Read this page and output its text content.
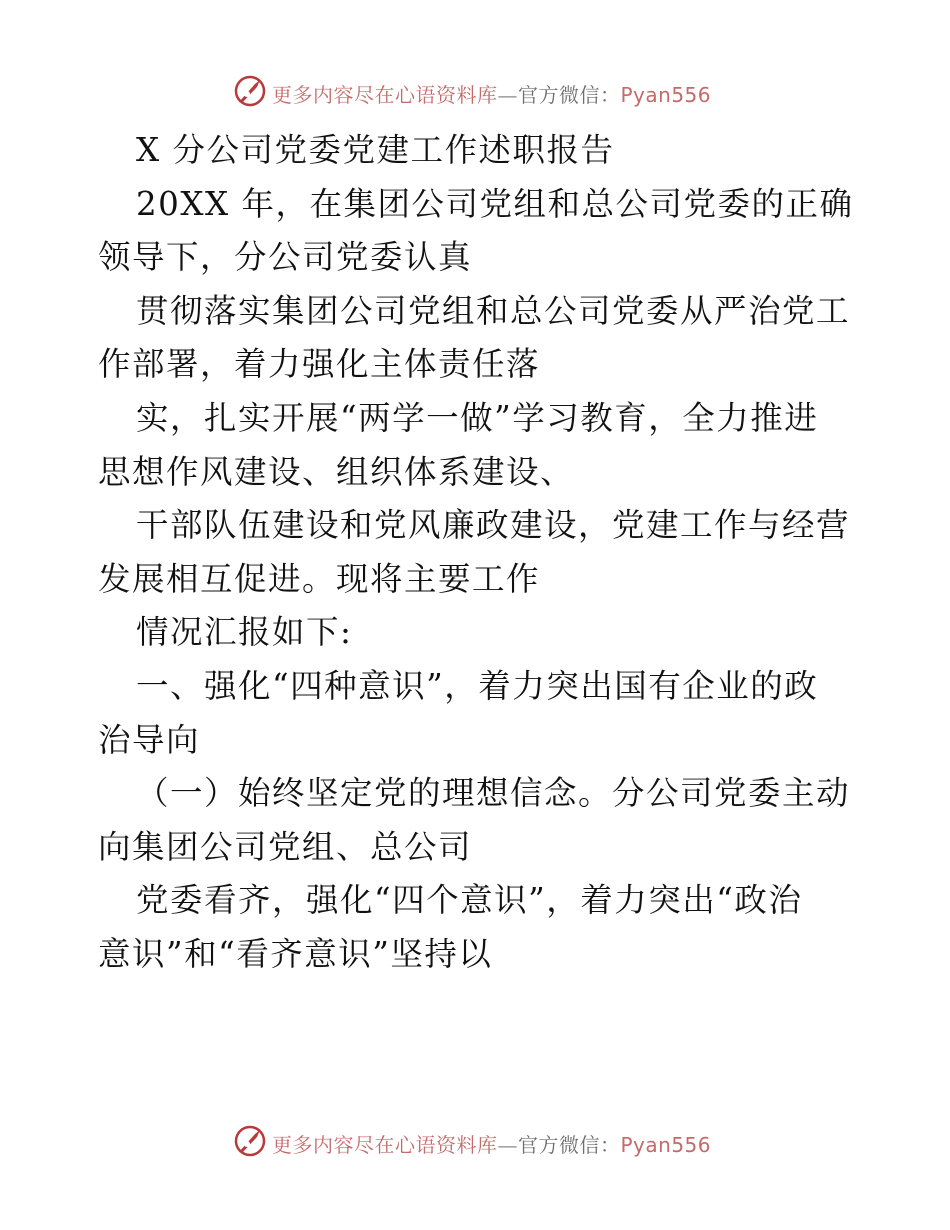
更多内容尽在心语资料库—官方微信：Pyan556
X 分公司党委党建工作述职报告
20XX 年，在集团公司党组和总公司党委的正确
领导下，分公司党委认真
贯彻落实集团公司党组和总公司党委从严治党工
作部署，着力强化主体责任落
实，扎实开展“两学一做”学习教育，全力推进
思想作风建设、组织体系建设、
干部队伍建设和党风廉政建设，党建工作与经营
发展相互促进。现将主要工作
情况汇报如下:
一、强化“四种意识”，着力突出国有企业的政
治导向
（一）始终坚定党的理想信念。分公司党委主动
向集团公司党组、总公司
党委看齐，强化“四个意识”，着力突出“政治
意识”和“看齐意识”坚持以
更多内容尽在心语资料库—官方微信：Pyan556
